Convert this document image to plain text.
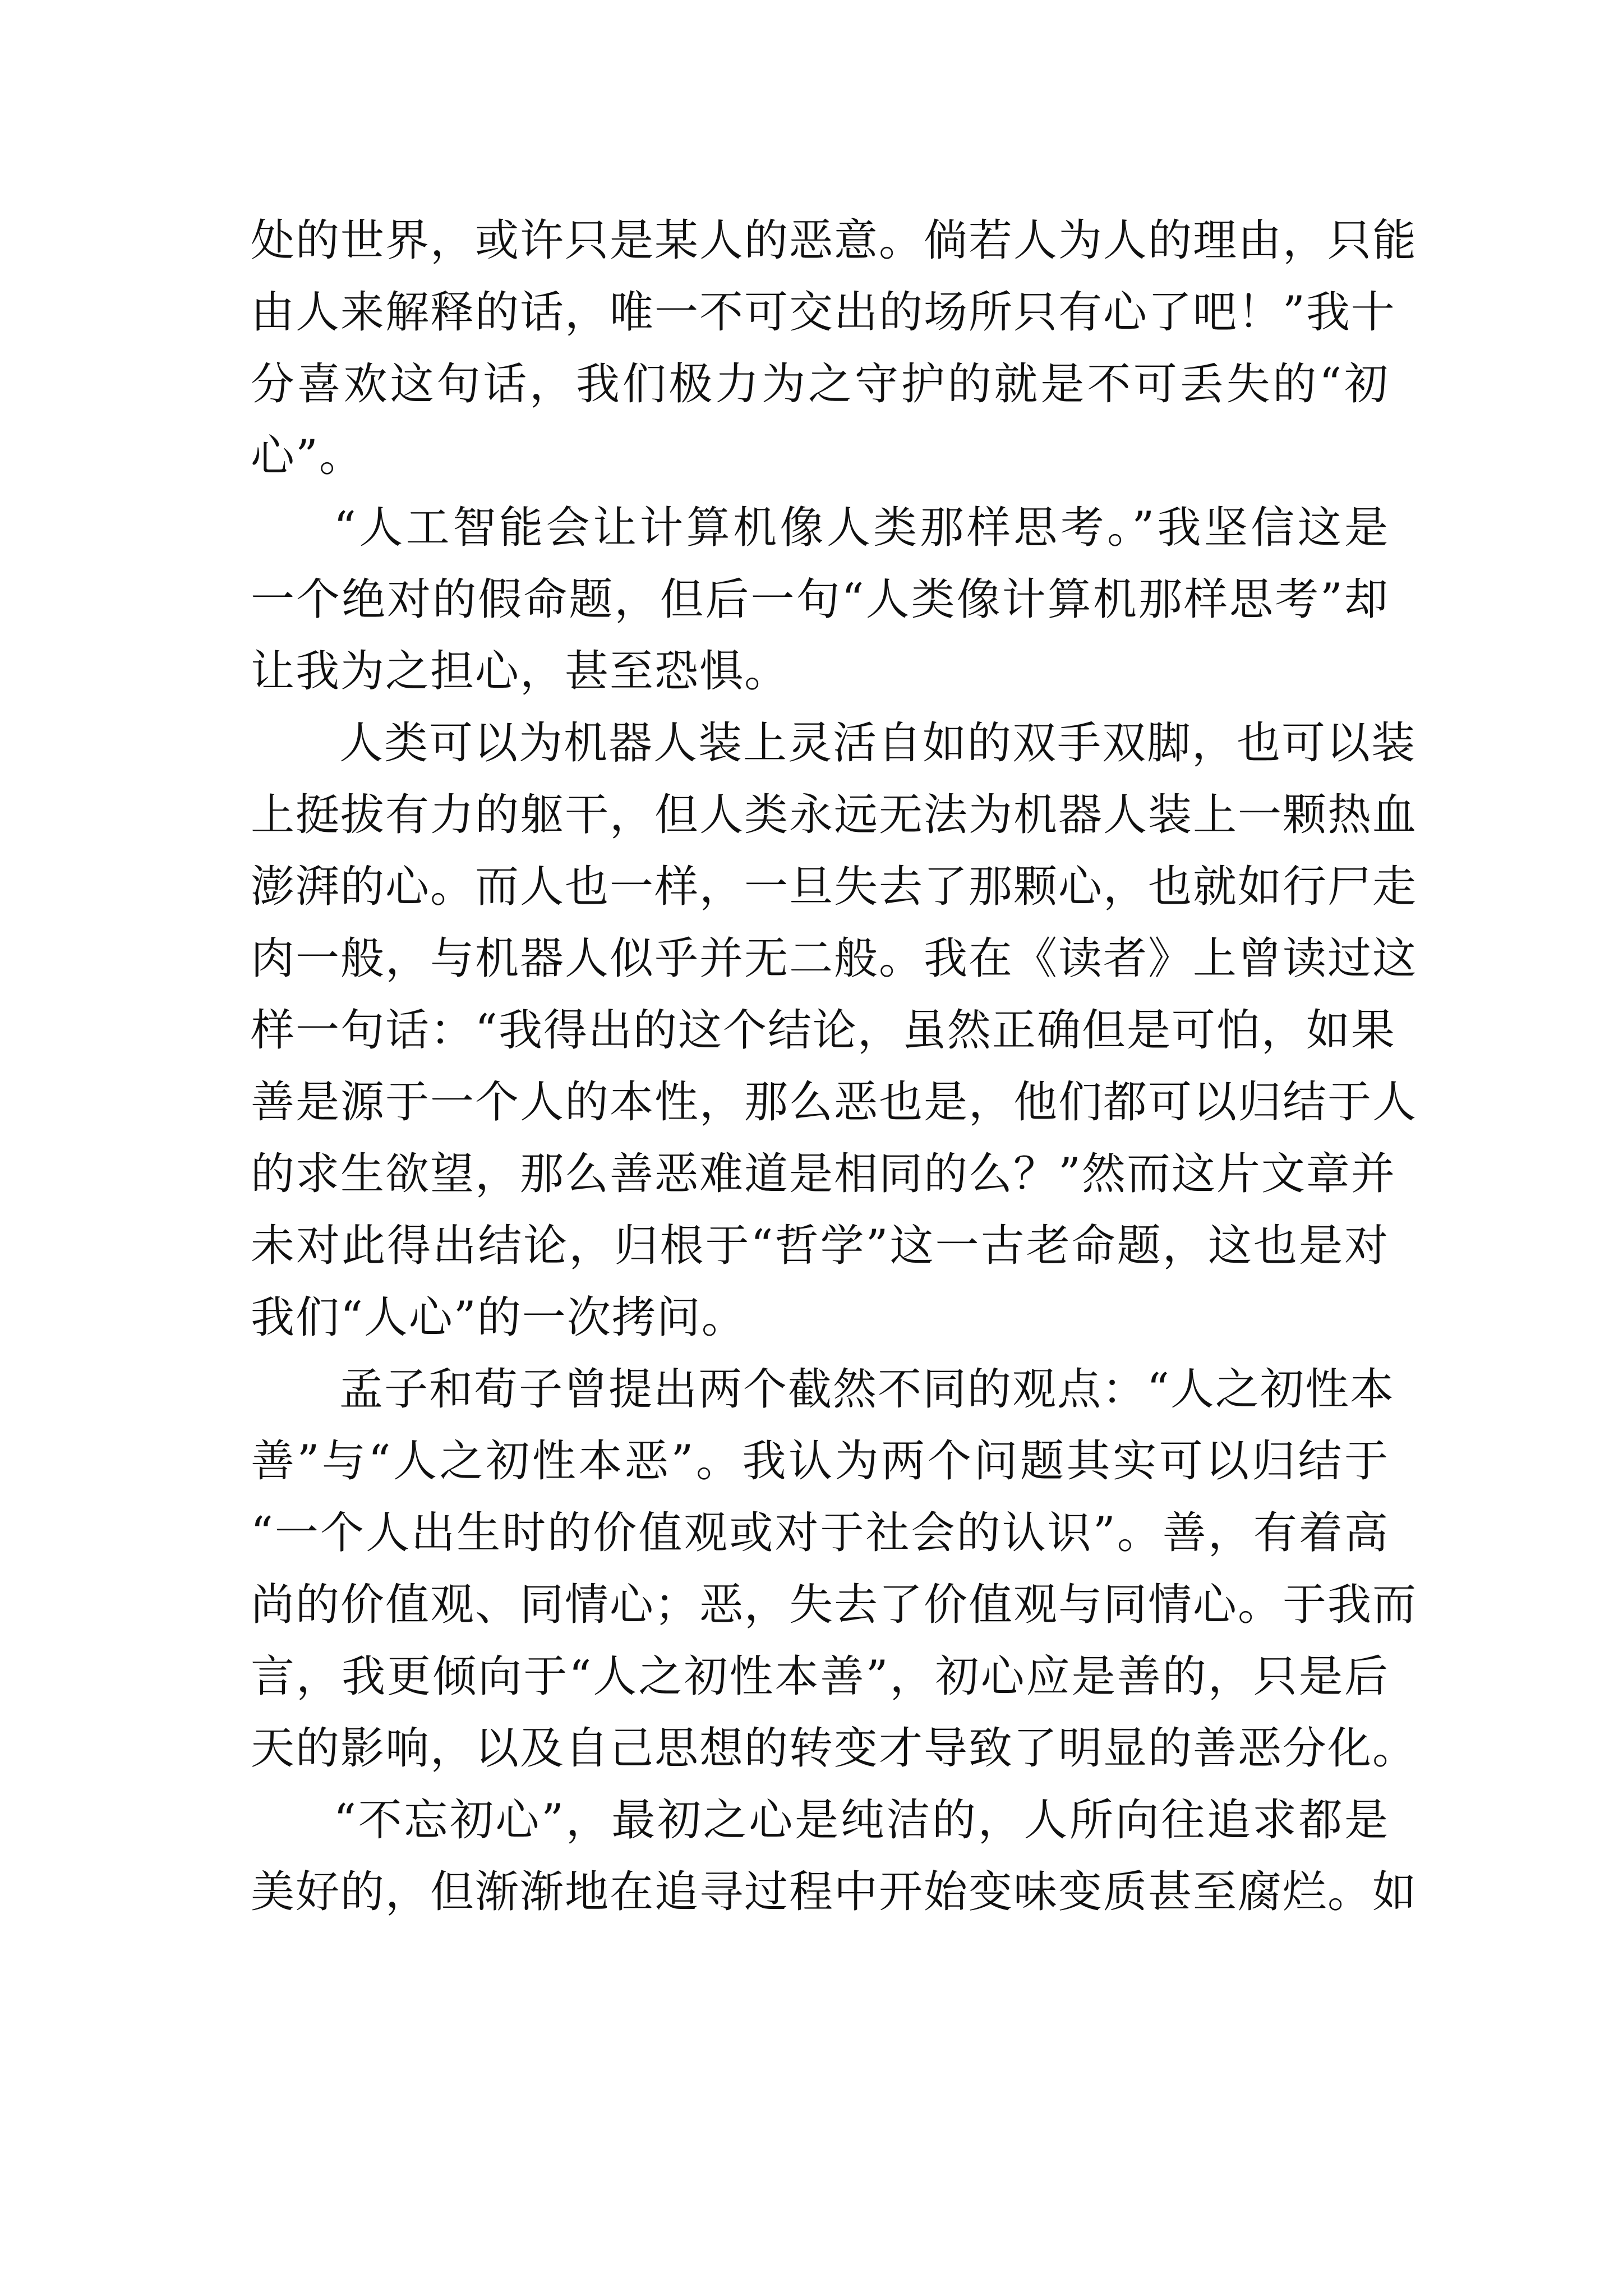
处的世界，或许只是某人的恶意。倘若人为人的理由，只能
由人来解释的话，唯一不可交出的场所只有心了吧！”我十
分喜欢这句话，我们极力为之守护的就是不可丢失的“初
心”。
“人工智能会让计算机像人类那样思考。”我坚信这是
一个绝对的假命题，但后一句“人类像计算机那样思考”却
让我为之担心，甚至恐惧。
人类可以为机器人装上灵活自如的双手双脚，也可以装
上挺拔有力的躯干，但人类永远无法为机器人装上一颗热血
澎湃的心。而人也一样，一旦失去了那颗心，也就如行尸走
肉一般，与机器人似乎并无二般。我在《读者》上曾读过这
样一句话：“我得出的这个结论，虽然正确但是可怕，如果
善是源于一个人的本性，那么恶也是，他们都可以归结于人
的求生欲望，那么善恶难道是相同的么？”然而这片文章并
未对此得出结论，归根于“哲学”这一古老命题，这也是对
我们“人心”的一次拷问。
孟子和荀子曾提出两个截然不同的观点：“人之初性本
善”与“人之初性本恶”。我认为两个问题其实可以归结于
“一个人出生时的价值观或对于社会的认识”。善，有着高
尚的价值观、同情心；恶，失去了价值观与同情心。于我而
言，我更倾向于“人之初性本善”，初心应是善的，只是后
天的影响，以及自己思想的转变才导致了明显的善恶分化。
“不忘初心”，最初之心是纯洁的，人所向往追求都是
美好的，但渐渐地在追寻过程中开始变味变质甚至腐烂。如
